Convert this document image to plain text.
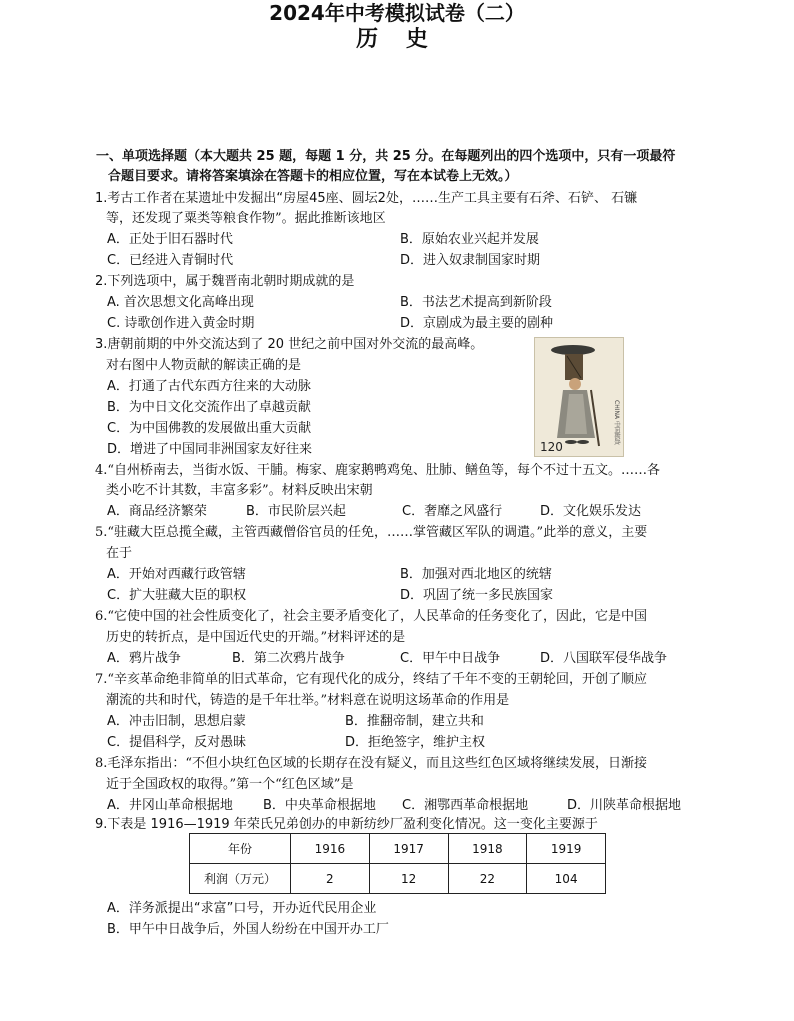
2024年中考模拟试卷（二）
历 史
一、单项选择题（本大题共 25 题，每题 1 分，共 25 分。在每题列出的四个选项中，只有一项最符
合题目要求。请将答案填涂在答题卡的相应位置，写在本试卷上无效。）
1.考古工作者在某遗址中发掘出“房屋45座、圆坛2处，……生产工具主要有石斧、石铲、 石镰
等，还发现了粟类等粮食作物”。据此推断该地区
A．正处于旧石器时代	B．原始农业兴起并发展
C．已经进入青铜时代	D．进入奴隶制国家时期
2.下列选项中，属于魏晋南北朝时期成就的是
A. 首次思想文化高峰出现	B．书法艺术提高到新阶段
C. 诗歌创作进入黄金时期	D．京剧成为最主要的剧种
3.唐朝前期的中外交流达到了 20 世纪之前中国对外交流的最高峰。
对右图中人物贡献的解读正确的是
A．打通了古代东西方往来的大动脉
B．为中日文化交流作出了卓越贡献
C．为中国佛教的发展做出重大贡献
D．增进了中国同非洲国家友好往来	120
CHINA 中国邮政
4.“自州桥南去，当街水饭、干脯。梅家、鹿家鹅鸭鸡兔、肚肺、鳝鱼等，每个不过十五文。……各
类小吃不计其数，丰富多彩”。材料反映出宋朝
A．商品经济繁荣	B．市民阶层兴起	C．奢靡之风盛行	D．文化娱乐发达
5.“驻藏大臣总揽全藏，主管西藏僧俗官员的任免，……掌管藏区军队的调遣。”此举的意义，主要
在于
A．开始对西藏行政管辖	B．加强对西北地区的统辖
C．扩大驻藏大臣的职权	D．巩固了统一多民族国家
6.“它使中国的社会性质变化了，社会主要矛盾变化了，人民革命的任务变化了，因此，它是中国
历史的转折点，是中国近代史的开端。”材料评述的是
A．鸦片战争	B．第二次鸦片战争	C．甲午中日战争	D．八国联军侵华战争
7.“辛亥革命绝非简单的旧式革命，它有现代化的成分，终结了千年不变的王朝轮回，开创了顺应
潮流的共和时代，铸造的是千年壮举。”材料意在说明这场革命的作用是
A．冲击旧制，思想启蒙	B．推翻帝制，建立共和
C．提倡科学，反对愚昧	D．拒绝签字，维护主权
8.毛泽东指出：“不但小块红色区域的长期存在没有疑义，而且这些红色区域将继续发展，日渐接
近于全国政权的取得。”第一个“红色区域”是
A．井冈山革命根据地 B．中央革命根据地 C．湘鄂西革命根据地	D．川陕革命根据地
9.下表是 1916—1919 年荣氏兄弟创办的申新纺纱厂盈利变化情况。这一变化主要源于
年份	1916	1917	1918	1919
利润（万元）	2	12	22	104
A．洋务派提出“求富”口号，开办近代民用企业
B．甲午中日战争后，外国人纷纷在中国开办工厂
